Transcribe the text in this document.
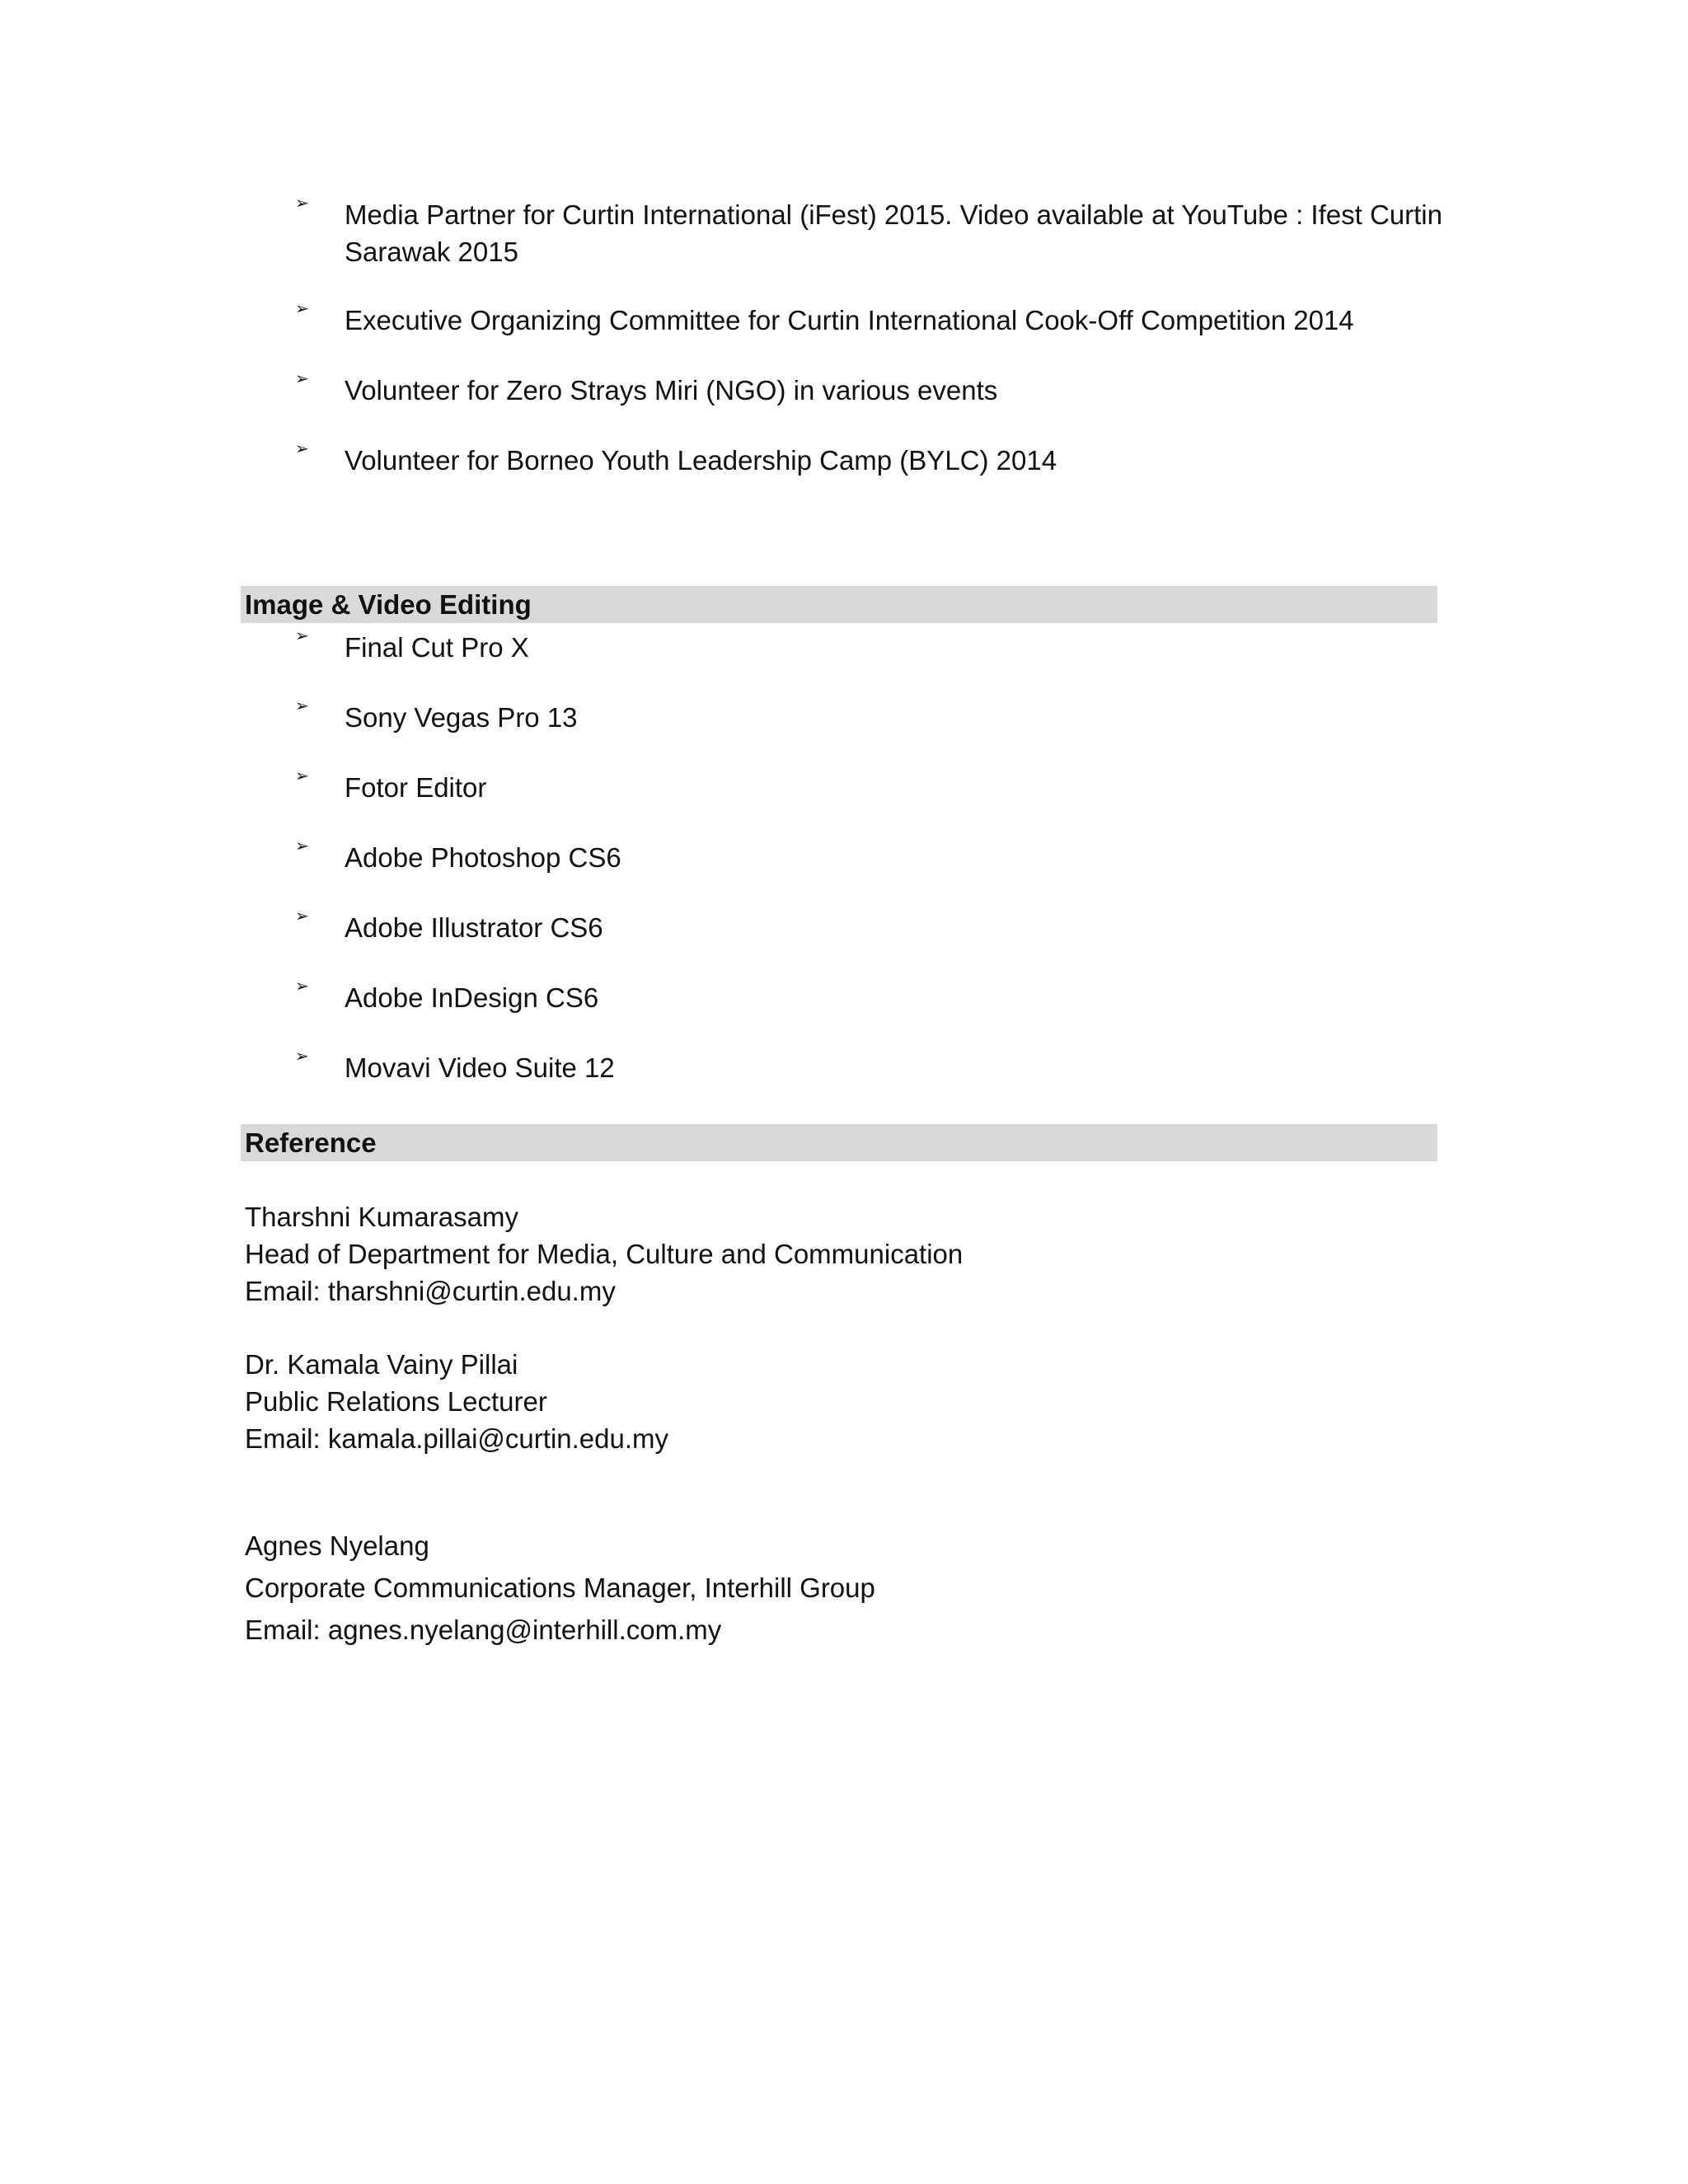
➢ Media Partner for Curtin International (iFest) 2015. Video available at YouTube : Ifest Curtin Sarawak 2015
➢ Executive Organizing Committee for Curtin International Cook-Off Competition 2014
➢ Volunteer for Zero Strays Miri (NGO) in various events
➢ Volunteer for Borneo Youth Leadership Camp (BYLC) 2014
Image & Video Editing
➢ Final Cut Pro X
➢ Sony Vegas Pro 13
➢ Fotor Editor
➢ Adobe Photoshop CS6
➢ Adobe Illustrator CS6
➢ Adobe InDesign CS6
➢ Movavi Video Suite 12
Reference
Tharshni Kumarasamy
Head of Department for Media, Culture and Communication
Email: tharshni@curtin.edu.my
Dr. Kamala Vainy Pillai
Public Relations Lecturer
Email: kamala.pillai@curtin.edu.my
Agnes Nyelang
Corporate Communications Manager, Interhill Group
Email: agnes.nyelang@interhill.com.my
